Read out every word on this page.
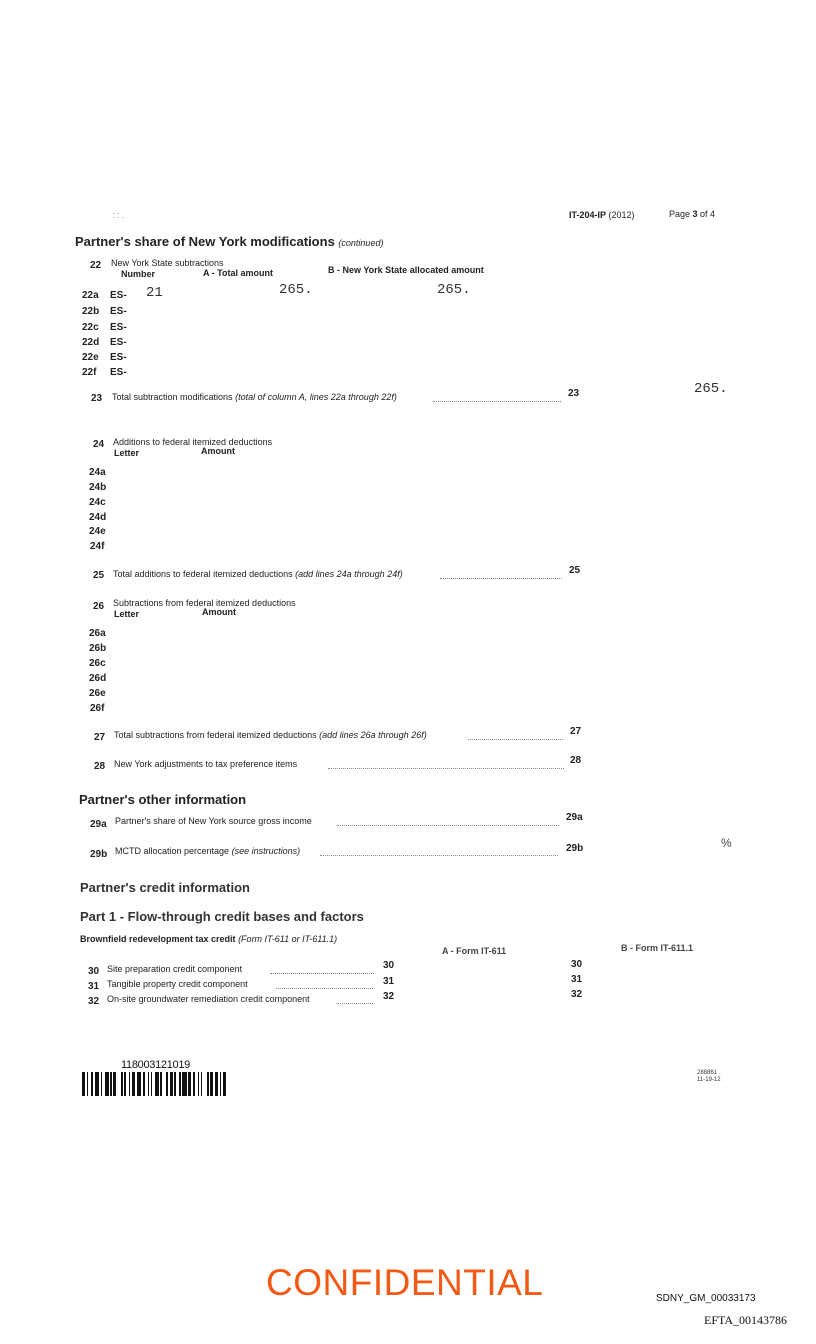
: : .	IT-204-IP (2012)	Page 3 of 4
Partner's share of New York modifications (continued)
22 New York State subtractions
Number	A - Total amount	B - New York State allocated amount
22a ES- 21	265.	265.
22b ES-
22c ES-
22d ES-
22e ES-
22f ES-
23 Total subtraction modifications (total of column A, lines 22a through 22f)	23	265.
24 Additions to federal itemized deductions
Letter	Amount
24a
24b
24c
24d
24e
24f
25 Total additions to federal itemized deductions (add lines 24a through 24f)	25
26 Subtractions from federal itemized deductions
Letter	Amount
26a
26b
26c
26d
26e
26f
27 Total subtractions from federal itemized deductions (add lines 26a through 26f)	27
28 New York adjustments to tax preference items	28
Partner's other information
29a Partner's share of New York source gross income	29a
29b MCTD allocation percentage (see instructions)	29b	%
Partner's credit information
Part 1 - Flow-through credit bases and factors
Brownfield redevelopment tax credit (Form IT-611 or IT-611.1)
A - Form IT-611	B - Form IT-611.1
30 Site preparation credit component	30	30
31 Tangible property credit component	31	31
32 On-site groundwater remediation credit component	32	32
118003121019
288861
11-19-12
CONFIDENTIAL	SDNY_GM_00033173
EFTA_00143786
